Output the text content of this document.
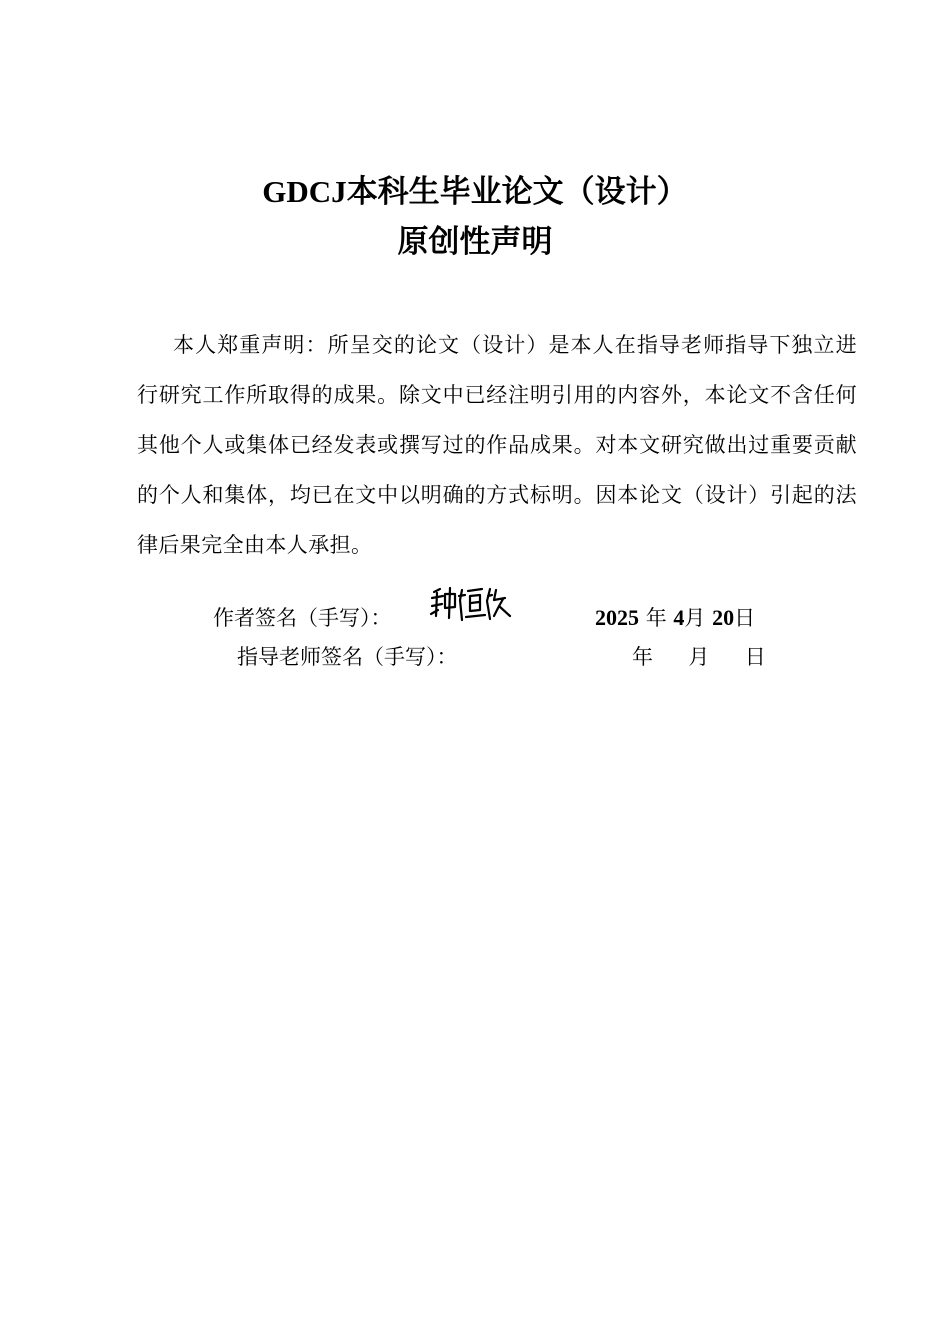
GDCJ本科生毕业论文（设计）
原创性声明
本人郑重声明：所呈交的论文（设计）是本人在指导老师指导下独立进行研究工作所取得的成果。除文中已经注明引用的内容外，本论文不含任何其他个人或集体已经发表或撰写过的作品成果。对本文研究做出过重要贡献的个人和集体，均已在文中以明确的方式标明。因本论文（设计）引起的法律后果完全由本人承担。
作者签名（手写）：	2025 年 4月 20日
指导老师签名（手写）：	年 月 日
